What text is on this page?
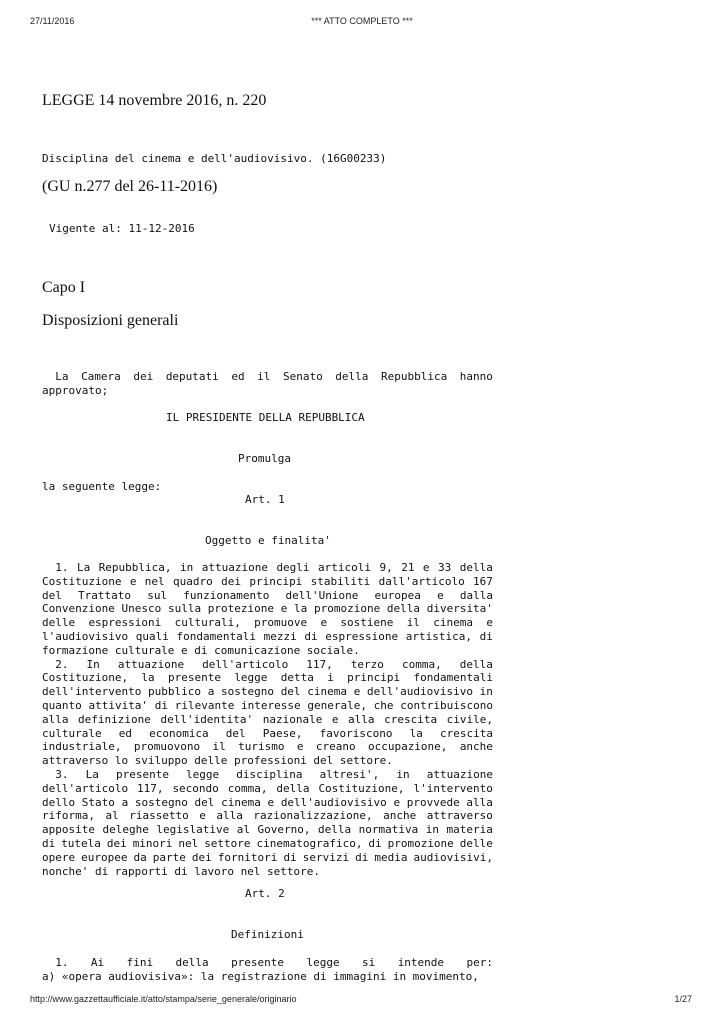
27/11/2016	*** ATTO COMPLETO ***
LEGGE 14 novembre 2016, n. 220
Disciplina del cinema e dell'audiovisivo. (16G00233)
(GU n.277 del 26-11-2016)
Vigente al: 11-12-2016
Capo I
Disposizioni generali
La Camera dei deputati ed il Senato della Repubblica hanno
approvato;
IL PRESIDENTE DELLA REPUBBLICA
Promulga
la seguente legge:
Art. 1
Oggetto e finalita'
1. La Repubblica, in attuazione degli articoli 9, 21 e 33 della
Costituzione e nel quadro dei principi stabiliti dall'articolo 167
del Trattato sul funzionamento dell'Unione europea e dalla
Convenzione Unesco sulla protezione e la promozione della diversita'
delle espressioni culturali, promuove e sostiene il cinema e
l'audiovisivo quali fondamentali mezzi di espressione artistica, di
formazione culturale e di comunicazione sociale.
2. In attuazione dell'articolo 117, terzo comma, della
Costituzione, la presente legge detta i principi fondamentali
dell'intervento pubblico a sostegno del cinema e dell'audiovisivo in
quanto attivita' di rilevante interesse generale, che contribuiscono
alla definizione dell'identita' nazionale e alla crescita civile,
culturale ed economica del Paese, favoriscono la crescita
industriale, promuovono il turismo e creano occupazione, anche
attraverso lo sviluppo delle professioni del settore.
3. La presente legge disciplina altresi', in attuazione
dell'articolo 117, secondo comma, della Costituzione, l'intervento
dello Stato a sostegno del cinema e dell'audiovisivo e provvede alla
riforma, al riassetto e alla razionalizzazione, anche attraverso
apposite deleghe legislative al Governo, della normativa in materia
di tutela dei minori nel settore cinematografico, di promozione delle
opere europee da parte dei fornitori di servizi di media audiovisivi,
nonche' di rapporti di lavoro nel settore.
Art. 2
Definizioni
1. Ai fini della presente legge si intende per:
a) «opera audiovisiva»: la registrazione di immagini in movimento,
http://www.gazzettaufficiale.it/atto/stampa/serie_generale/originario	1/27
